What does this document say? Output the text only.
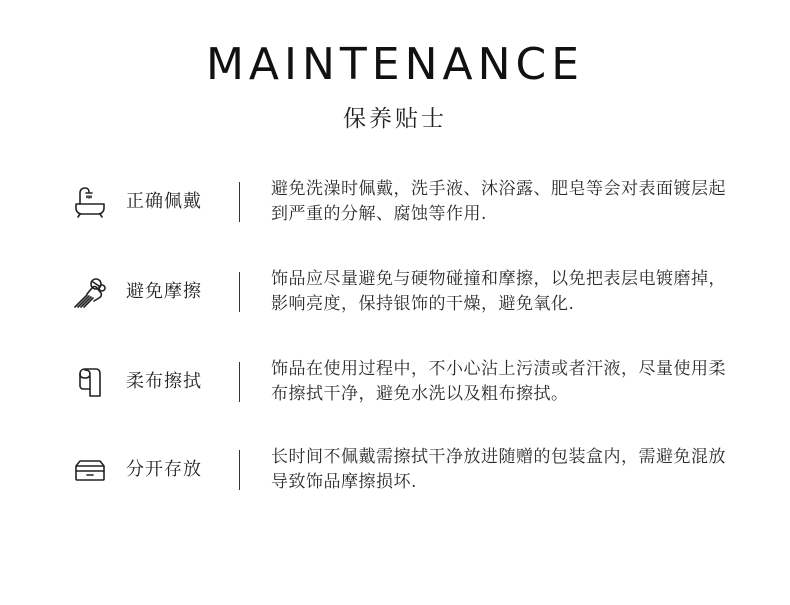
MAINTENANCE
保养贴士
正确佩戴
避免洗澡时佩戴，洗手液、沐浴露、肥皂等会对表面镀层起到严重的分解、腐蚀等作用.
避免摩擦
饰品应尽量避免与硬物碰撞和摩擦，以免把表层电镀磨掉，影响亮度，保持银饰的干燥，避免氧化.
柔布擦拭
饰品在使用过程中，不小心沾上污渍或者汗液，尽量使用柔布擦拭干净，避免水洗以及粗布擦拭。
分开存放
长时间不佩戴需擦拭干净放进随赠的包装盒内，需避免混放导致饰品摩擦损坏.
